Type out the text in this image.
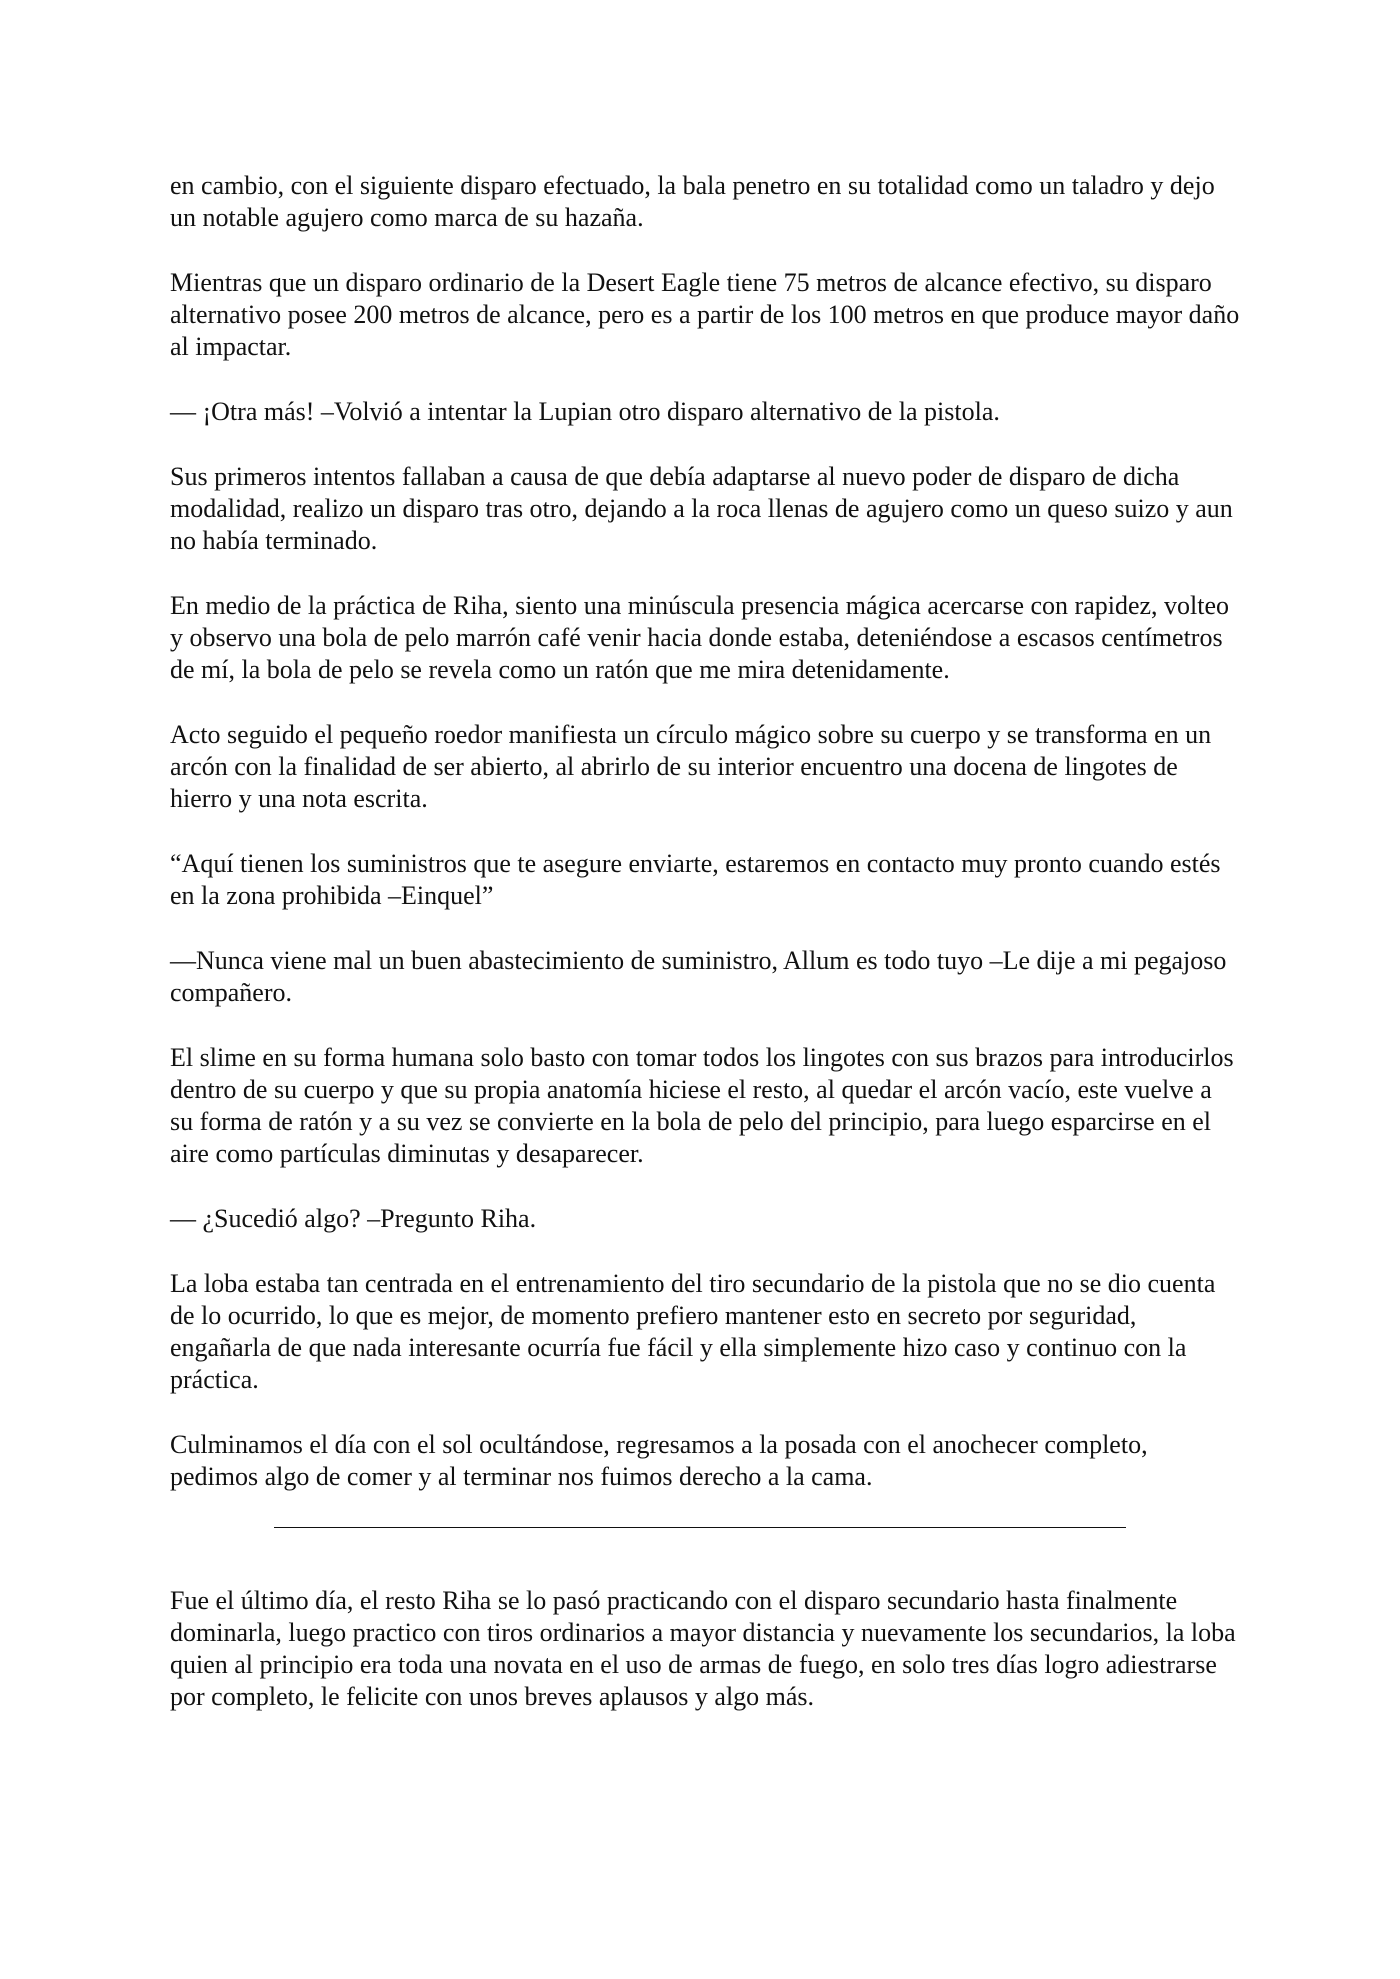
en cambio, con el siguiente disparo efectuado, la bala penetro en su totalidad como un taladro y dejo un notable agujero como marca de su hazaña.

Mientras que un disparo ordinario de la Desert Eagle tiene 75 metros de alcance efectivo, su disparo alternativo posee 200 metros de alcance, pero es a partir de los 100 metros en que produce mayor daño al impactar.

— ¡Otra más! –Volvió a intentar la Lupian otro disparo alternativo de la pistola.

Sus primeros intentos fallaban a causa de que debía adaptarse al nuevo poder de disparo de dicha modalidad, realizo un disparo tras otro, dejando a la roca llenas de agujero como un queso suizo y aun no había terminado.

En medio de la práctica de Riha, siento una minúscula presencia mágica acercarse con rapidez, volteo y observo una bola de pelo marrón café venir hacia donde estaba, deteniéndose a escasos centímetros de mí, la bola de pelo se revela como un ratón que me mira detenidamente.

Acto seguido el pequeño roedor manifiesta un círculo mágico sobre su cuerpo y se transforma en un arcón con la finalidad de ser abierto, al abrirlo de su interior encuentro una docena de lingotes de hierro y una nota escrita.

“Aquí tienen los suministros que te asegure enviarte, estaremos en contacto muy pronto cuando estés en la zona prohibida –Einquel”

—Nunca viene mal un buen abastecimiento de suministro, Allum es todo tuyo –Le dije a mi pegajoso compañero.

El slime en su forma humana solo basto con tomar todos los lingotes con sus brazos para introducirlos dentro de su cuerpo y que su propia anatomía hiciese el resto, al quedar el arcón vacío, este vuelve a su forma de ratón y a su vez se convierte en la bola de pelo del principio, para luego esparcirse en el aire como partículas diminutas y desaparecer.

— ¿Sucedió algo? –Pregunto Riha.

La loba estaba tan centrada en el entrenamiento del tiro secundario de la pistola que no se dio cuenta de lo ocurrido, lo que es mejor, de momento prefiero mantener esto en secreto por seguridad, engañarla de que nada interesante ocurría fue fácil y ella simplemente hizo caso y continuo con la práctica.

Culminamos el día con el sol ocultándose, regresamos a la posada con el anochecer completo, pedimos algo de comer y al terminar nos fuimos derecho a la cama.

Fue el último día, el resto Riha se lo pasó practicando con el disparo secundario hasta finalmente dominarla, luego practico con tiros ordinarios a mayor distancia y nuevamente los secundarios, la loba quien al principio era toda una novata en el uso de armas de fuego, en solo tres días logro adiestrarse por completo, le felicite con unos breves aplausos y algo más.
